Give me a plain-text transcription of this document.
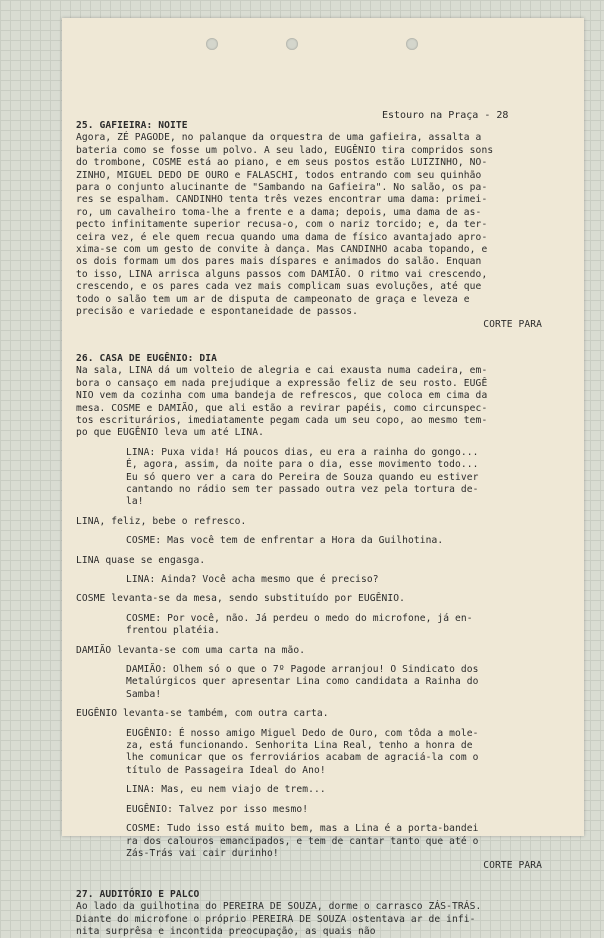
Estouro na Praça - 28
25. GAFIEIRA: NOITE
Agora, ZÉ PAGODE, no palanque da orquestra de uma gafieira, assalta a
bateria como se fosse um polvo. A seu lado, EUGÊNIO tira compridos sons
do trombone, COSME está ao piano, e em seus postos estão LUIZINHO, NO-
ZINHO, MIGUEL DEDO DE OURO e FALASCHI, todos entrando com seu quinhão
para o conjunto alucinante de "Sambando na Gafieira". No salão, os pa-
res se espalham. CANDINHO tenta três vezes encontrar uma dama: primei-
ro, um cavalheiro toma-lhe a frente e a dama; depois, uma dama de as-
pecto infinitamente superior recusa-o, com o nariz torcido; e, da ter-
ceira vez, é ele quem recua quando uma dama de físico avantajado apro-
xima-se com um gesto de convite à dança. Mas CANDINHO acaba topando, e
os dois formam um dos pares mais díspares e animados do salão. Enquan
to isso, LINA arrisca alguns passos com DAMIÃO. O ritmo vai crescendo,
crescendo, e os pares cada vez mais complicam suas evoluções, até que
todo o salão tem um ar de disputa de campeonato de graça e leveza e
precisão e variedade e espontaneidade de passos.
CORTE PARA
26. CASA DE EUGÊNIO: DIA
Na sala, LINA dá um volteio de alegria e cai exausta numa cadeira, em-
bora o cansaço em nada prejudique a expressão feliz de seu rosto. EUGÊ
NIO vem da cozinha com uma bandeja de refrescos, que coloca em cima da
mesa. COSME e DAMIÃO, que ali estão a revirar papéis, como circunspec-
tos escriturários, imediatamente pegam cada um seu copo, ao mesmo tem-
po que EUGÊNIO leva um até LINA.
LINA: Puxa vida! Há poucos dias, eu era a rainha do gongo...
É, agora, assim, da noite para o dia, esse movimento todo...
Eu só quero ver a cara do Pereira de Souza quando eu estiver
cantando no rádio sem ter passado outra vez pela tortura de-
la!
LINA, feliz, bebe o refresco.
COSME: Mas você tem de enfrentar a Hora da Guilhotina.
LINA quase se engasga.
LINA: Ainda? Você acha mesmo que é preciso?
COSME levanta-se da mesa, sendo substituído por EUGÊNIO.
COSME: Por você, não. Já perdeu o medo do microfone, já en-
frentou platéia.
DAMIÃO levanta-se com uma carta na mão.
DAMIÃO: Olhem só o que o 7º Pagode arranjou! O Sindicato dos
Metalúrgicos quer apresentar Lina como candidata a Rainha do
Samba!
EUGÊNIO levanta-se também, com outra carta.
EUGÊNIO: É nosso amigo Miguel Dedo de Ouro, com tôda a mole-
za, está funcionando. Senhorita Lina Real, tenho a honra de
lhe comunicar que os ferroviários acabam de agraciá-la com o
título de Passageira Ideal do Ano!
LINA: Mas, eu nem viajo de trem...
EUGÊNIO: Talvez por isso mesmo!
COSME: Tudo isso está muito bem, mas a Lina é a porta-bandei
ra dos calouros emancipados, e tem de cantar tanto que até o
Zás-Trás vai cair durinho!
CORTE PARA
27. AUDITÓRIO E PALCO
Ao lado da guilhotina do PEREIRA DE SOUZA, dorme o carrasco ZÁS-TRÁS.
Diante do microfone o próprio PEREIRA DE SOUZA ostentava ar de infi-
nita surprêsa e incontida preocupação, as quais não
